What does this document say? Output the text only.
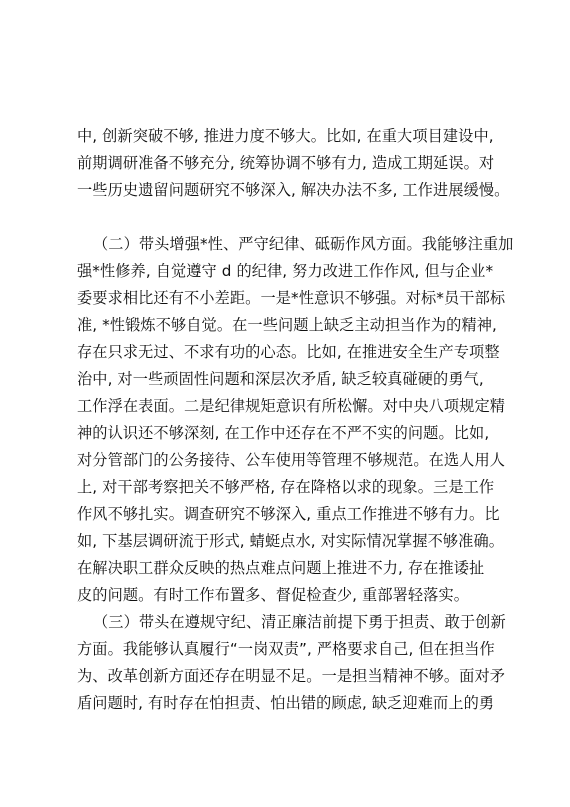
中, 创新突破不够, 推进力度不够大。比如, 在重大项目建设中,
前期调研准备不够充分, 统筹协调不够有力, 造成工期延误。对
一些历史遗留问题研究不够深入, 解决办法不多, 工作进展缓慢。
（二）带头增强*性、严守纪律、砥砺作风方面。我能够注重加
强*性修养, 自觉遵守 d 的纪律, 努力改进工作作风, 但与企业*
委要求相比还有不小差距。一是*性意识不够强。对标*员干部标
准, *性锻炼不够自觉。在一些问题上缺乏主动担当作为的精神,
存在只求无过、不求有功的心态。比如, 在推进安全生产专项整
治中, 对一些顽固性问题和深层次矛盾, 缺乏较真碰硬的勇气,
工作浮在表面。二是纪律规矩意识有所松懈。对中央八项规定精
神的认识还不够深刻, 在工作中还存在不严不实的问题。比如,
对分管部门的公务接待、公车使用等管理不够规范。在选人用人
上, 对干部考察把关不够严格, 存在降格以求的现象。三是工作
作风不够扎实。调查研究不够深入, 重点工作推进不够有力。比
如, 下基层调研流于形式, 蜻蜓点水, 对实际情况掌握不够准确。
在解决职工群众反映的热点难点问题上推进不力, 存在推诿扯
皮的问题。有时工作布置多、督促检查少, 重部署轻落实。
（三）带头在遵规守纪、清正廉洁前提下勇于担责、敢于创新
方面。我能够认真履行“一岗双责”, 严格要求自己, 但在担当作
为、改革创新方面还存在明显不足。一是担当精神不够。面对矛
盾问题时, 有时存在怕担责、怕出错的顾虑, 缺乏迎难而上的勇
